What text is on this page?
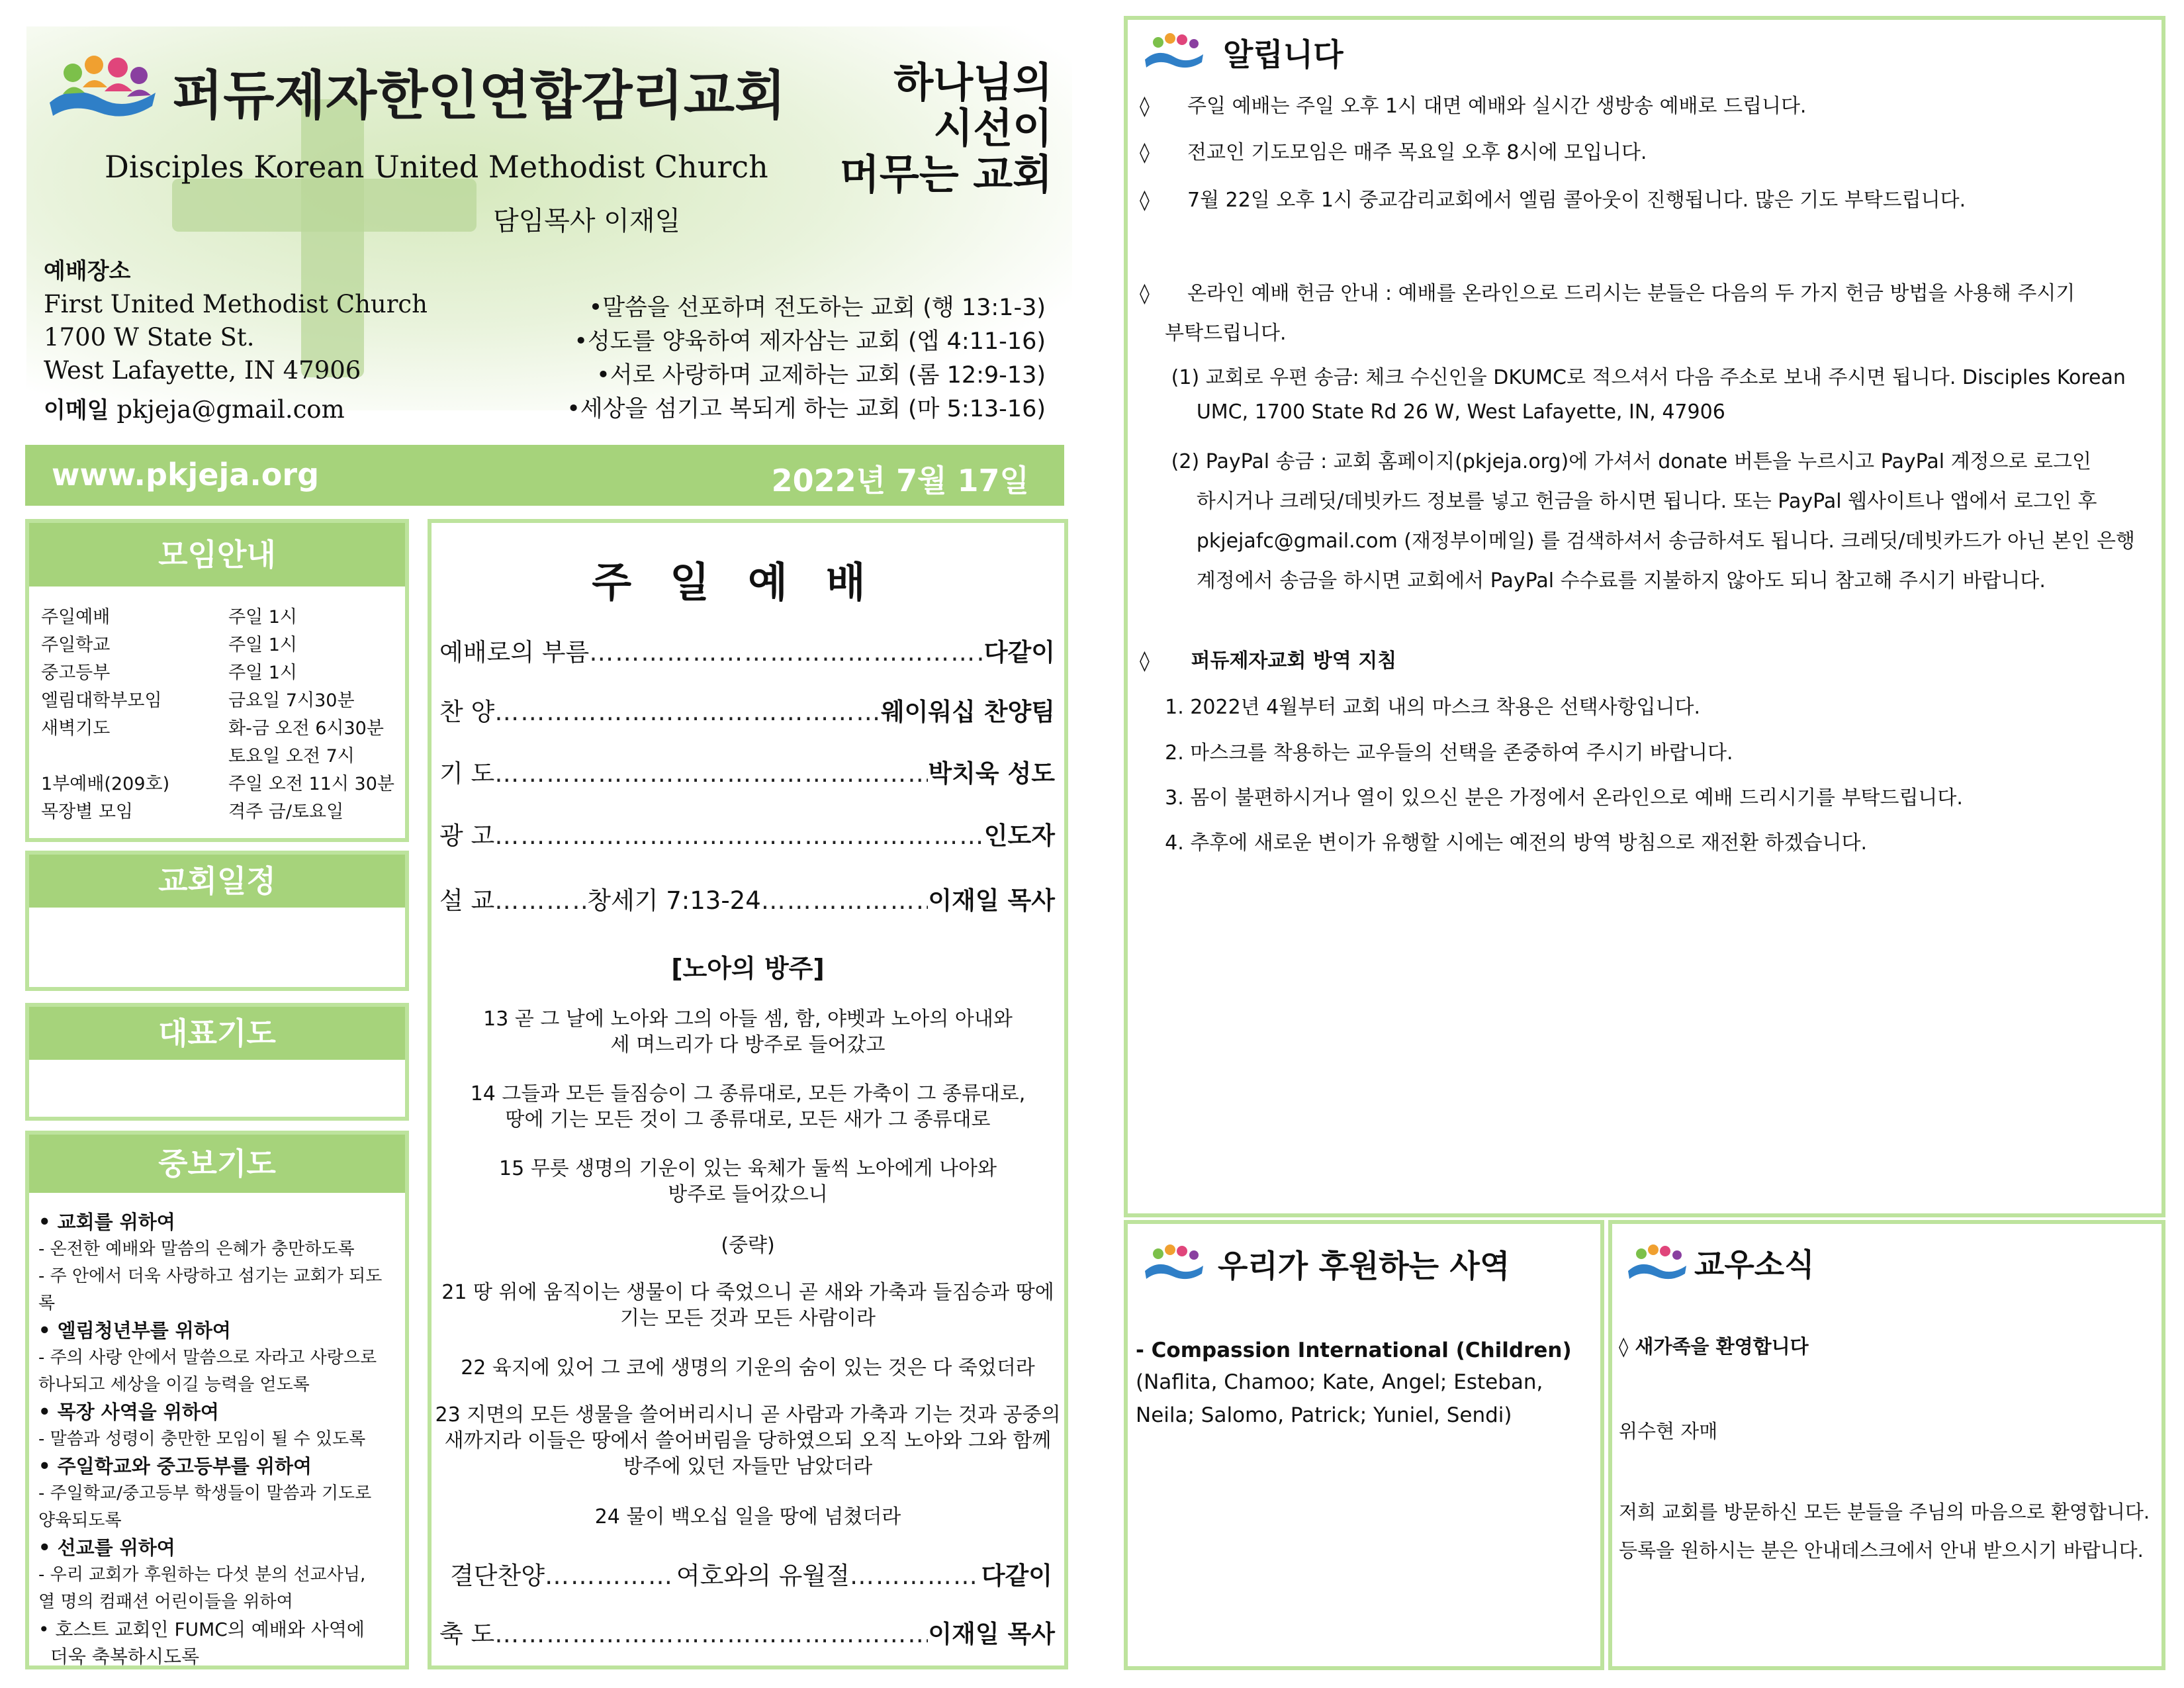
퍼듀제자한인연합감리교회
Disciples Korean United Methodist Church
담임목사 이재일
하나님의
시선이
머무는 교회
예배장소
First United Methodist Church
1700 W State St.
West Lafayette, IN 47906
이메일 pkjeja@gmail.com
•말씀을 선포하며 전도하는 교회 (행 13:1-3)
•성도를 양육하여 제자삼는 교회 (엡 4:11-16)
•서로 사랑하며 교제하는 교회 (롬 12:9-13)
•세상을 섬기고 복되게 하는 교회 (마 5:13-16)
www.pkjeja.org	2022년 7월 17일
모임안내
주일예배	주일 1시
주일학교	주일 1시
중고등부	주일 1시
엘림대학부모임	금요일 7시30분
새벽기도	화-금 오전 6시30분
토요일 오전 7시
1부예배(209호)	주일 오전 11시 30분
목장별 모임	격주 금/토요일
교회일정
대표기도
중보기도
• 교회를 위하여
- 온전한 예배와 말씀의 은혜가 충만하도록
- 주 안에서 더욱 사랑하고 섬기는 교회가 되도록
• 엘림청년부를 위하여
- 주의 사랑 안에서 말씀으로 자라고 사랑으로
하나되고 세상을 이길 능력을 얻도록
• 목장 사역을 위하여
- 말씀과 성령이 충만한 모임이 될 수 있도록
• 주일학교와 중고등부를 위하여
- 주일학교/중고등부 학생들이 말씀과 기도로
양육되도록
• 선교를 위하여
- 우리 교회가 후원하는 다섯 분의 선교사님,
열 명의 컴패션 어린이들을 위하여
• 호스트 교회인 FUMC의 예배와 사역에
더욱 축복하시도록
주일예배
예배로의 부름 ……………………………………………………………………………………………………………………	다같이
찬 양 ……………………………………………………………………………………………………………………	웨이워십 찬양팀
기 도 ……………………………………………………………………………………………………………………	박치욱 성도
광 고 ……………………………………………………………………………………………………………………	인도자
설 교 ……………………………………………………………………………………………………………………	창세기 7:13-24 ……………………………………………………………………………………………………………………	이재일 목사
[노아의 방주]
13 곧 그 날에 노아와 그의 아들 셈, 함, 야벳과 노아의 아내와
세 며느리가 다 방주로 들어갔고
14 그들과 모든 들짐승이 그 종류대로, 모든 가축이 그 종류대로,
땅에 기는 모든 것이 그 종류대로, 모든 새가 그 종류대로
15 무릇 생명의 기운이 있는 육체가 둘씩 노아에게 나아와
방주로 들어갔으니
(중략)
21 땅 위에 움직이는 생물이 다 죽었으니 곧 새와 가축과 들짐승과 땅에
기는 모든 것과 모든 사람이라
22 육지에 있어 그 코에 생명의 기운의 숨이 있는 것은 다 죽었더라
23 지면의 모든 생물을 쓸어버리시니 곧 사람과 가축과 기는 것과 공중의
새까지라 이들은 땅에서 쓸어버림을 당하였으되 오직 노아와 그와 함께
방주에 있던 자들만 남았더라
24 물이 백오십 일을 땅에 넘쳤더라
결단찬양 ……………………………………………………………………………………………………………………	여호와의 유월절 ……………………………………………………………………………………………………………………	다같이
축 도 ……………………………………………………………………………………………………………………	이재일 목사
알립니다
◊      주일 예배는 주일 오후 1시 대면 예배와 실시간 생방송 예배로 드립니다.
◊      전교인 기도모임은 매주 목요일 오후 8시에 모입니다.
◊      7월 22일 오후 1시 중교감리교회에서 엘림 콜아웃이 진행됩니다. 많은 기도 부탁드립니다.
◊      온라인 예배 헌금 안내 : 예배를 온라인으로 드리시는 분들은 다음의 두 가지 헌금 방법을 사용해 주시기
부탁드립니다.
(1) 교회로 우편 송금: 체크 수신인을 DKUMC로 적으셔서 다음 주소로 보내 주시면 됩니다. Disciples Korean
UMC, 1700 State Rd 26 W, West Lafayette, IN, 47906
(2) PayPal 송금 : 교회 홈페이지(pkjeja.org)에 가셔서 donate 버튼을 누르시고 PayPal 계정으로 로그인
하시거나 크레딧/데빗카드 정보를 넣고 헌금을 하시면 됩니다. 또는 PayPal 웹사이트나 앱에서 로그인 후
pkjejafc@gmail.com (재정부이메일) 를 검색하셔서 송금하셔도 됩니다. 크레딧/데빗카드가 아닌 본인 은행
계정에서 송금을 하시면 교회에서 PayPal 수수료를 지불하지 않아도 되니 참고해 주시기 바랍니다.
◊      퍼듀제자교회 방역 지침
1. 2022년 4월부터 교회 내의 마스크 착용은 선택사항입니다.
2. 마스크를 착용하는 교우들의 선택을 존중하여 주시기 바랍니다.
3. 몸이 불편하시거나 열이 있으신 분은 가정에서 온라인으로 예배 드리시기를 부탁드립니다.
4. 추후에 새로운 변이가 유행할 시에는 예전의 방역 방침으로 재전환 하겠습니다.
우리가 후원하는 사역
- Compassion International (Children)
(Naflita, Chamoo; Kate, Angel; Esteban,
Neila; Salomo, Patrick; Yuniel, Sendi)
교우소식
◊ 새가족을 환영합니다
위수현 자매
저희 교회를 방문하신 모든 분들을 주님의 마음으로 환영합니다.
등록을 원하시는 분은 안내데스크에서 안내 받으시기 바랍니다.
